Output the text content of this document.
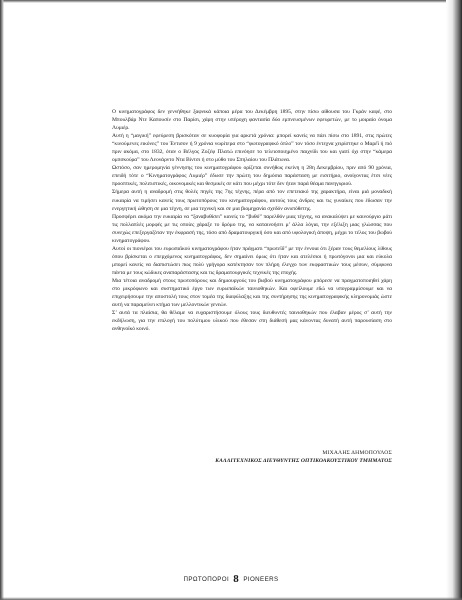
Ο κινηματογράφος δεν γεννήθηκε ξαφνικά κάποια μέρα του Δεκέμβρη 1895, στην πίσω αίθουσα του Γκράν καφέ, στο Μπουλβάρ Ντε Καπουσίν στο Παρίσι, χάρη στην υπέροχη φαντασία δύο εμπνευσμένων εφευρετών, με το μοιραίο όνομα Λυμιέρ.

Αυτή η “μαγική” εφεύρεση βρισκόταν σε κυοφορία για αρκετά χρόνια: μπορεί κανείς να πάει πίσω στο 1891, στις πρώτες “κινούμενες εικόνες” του Έντισον ή 9 χρόνια νωρίτερα στο “φωτογραφικό όπλο” τον τόσο έντεχνα χειρίστηκε ο Μαρέϊ ή πιό πριν ακόμα, στο 1832, όταν ο Βέλγος Ζοζέφ Πλατώ επινόησε το τελειοποιημένο παιχνίδι του και γιατί όχι στην “κάμερα ομπσκούρα” του Λεονάρντο Ντα Βίντσι ή στο μύθο του Σπηλαίου του Πλάτωνα.

Ωστόσο, σαν ημερομηνία γέννησης του κινηματογράφου ορίζεται συνήθως εκείνη η 28η Δεκεμβρίου, πριν από 90 χρόνια, επειδή τότε ο “Κινηματογράφος Λυμιέρ” έδωσε την πρώτη του δημόσια παράσταση με εισιτήριο, ανοίγοντας έτσι νέες προοπτικές, πολιτιστικές, οικονομικές και θεσμικές σε κάτι που μέχρι τότε δεν ήταν παρά θέαμα πανηγυριού.

Σήμερα αυτή η αναδρομή στις θολές πηγές της 7ης τέχνης, πέρα από τον επετειακό της χαρακτήρα, είναι μιά μοναδική ευκαιρία να τιμήσει κανείς τους πρωτοπόρους του κινηματογράφου, αυτούς τους άνδρες και τις γυναίκες που έδωσαν την ενεργητική ώθηση σε μια τέχνη, σε μια τεχνική και σε μια βιομηχανία σχεδόν ανυπόθετης.

Προσφέρει ακόμα την ευκαιρία να “ξαναβυθίσει” κανείς το “βυθό” παρελθόν μιας τέχνης, να ανακαλύψει με καινούργιο μάτι τις πολλαπλές μορφές με τις οποίες χάραξε το δρόμο της, να καταινοήσει μ’ άλλα λόγια, την εξέλιξη μιας γλώσσας που συνεχώς επεξεργαζόταν την έκφρασή της, τόσο από δραματουργική όσο και από υφολογική άποψη, μέχρι το τέλος του βωβού κινηματογράφου.

Αυτοί οι πιονιέροι του ευρωπαϊκού κινηματογράφου ήταν πράγματι “πρωτεϊδ” με την έννοια ότι ξέραν τους θεμελίους λίθους όπου βρίσκεται ο επερχόμενος κινηματογράφος, δεν σημαίνει όμως ότι ήταν και ατελέσιοι ή πρωτόγονοι μια και εύκολα μπορεί κανείς να διαπιστώσει πως πολύ γρήγορα κατέκτησαν τον πλήρη έλεγχο των εκφραστικών τους μέσων, σύμφωνα πάντα με τους κώδικες αναπαράστασης και τις δραματουργικές τεχνικές της εποχής.

Μια τέτοια αναδρομή στους πρωτοπόρους και δημιουργούς του βωβού κινηματογράφου μπόρεσε να πραγματοποιηθεί χάρη στο μικρόφωνο και συστηματικό έργο των ευρωπαϊκών ταινιοθηκών. Και οφείλουμε εδώ να υπογραμμίσουμε και να επιχειρήσουμε την αποστολή τους στον τομέα της διαφύλαξης και της συντήρησης της κινηματογραφικής κληρονομιάς ώστε αυτή να παραμείνει κτήμα των μελλοντικών γενεών.

Σ’ αυτά τα πλαίσια, θα θέλαμε να ευχαριστήσουμε όλους τους διευθυντές ταινιοθηκών που έλαβαν μέρος σ’ αυτή την εκδήλωση, για την επιλογή του πολύτιμου υλικού που έθεσαν στη διάθεσή μας κάνοντας δυνατή αυτή παρουσίαση στο ανθηνοϊκό κοινό.

ΜΙΧΑΛΗΣ ΔΗΜΟΠΟΥΛΟΣ
ΚΑΛΛΙΤΕΧΝΙΚΟΣ ΔΙΕΥΘΥΝΤΗΣ ΟΠΤΙΚΟΑΚΟΥΣΤΙΚΟΥ ΤΜΗΜΑΤΟΣ
ΠΡΩΤΟΠΟΡΟΙ 8 PIONEERS
